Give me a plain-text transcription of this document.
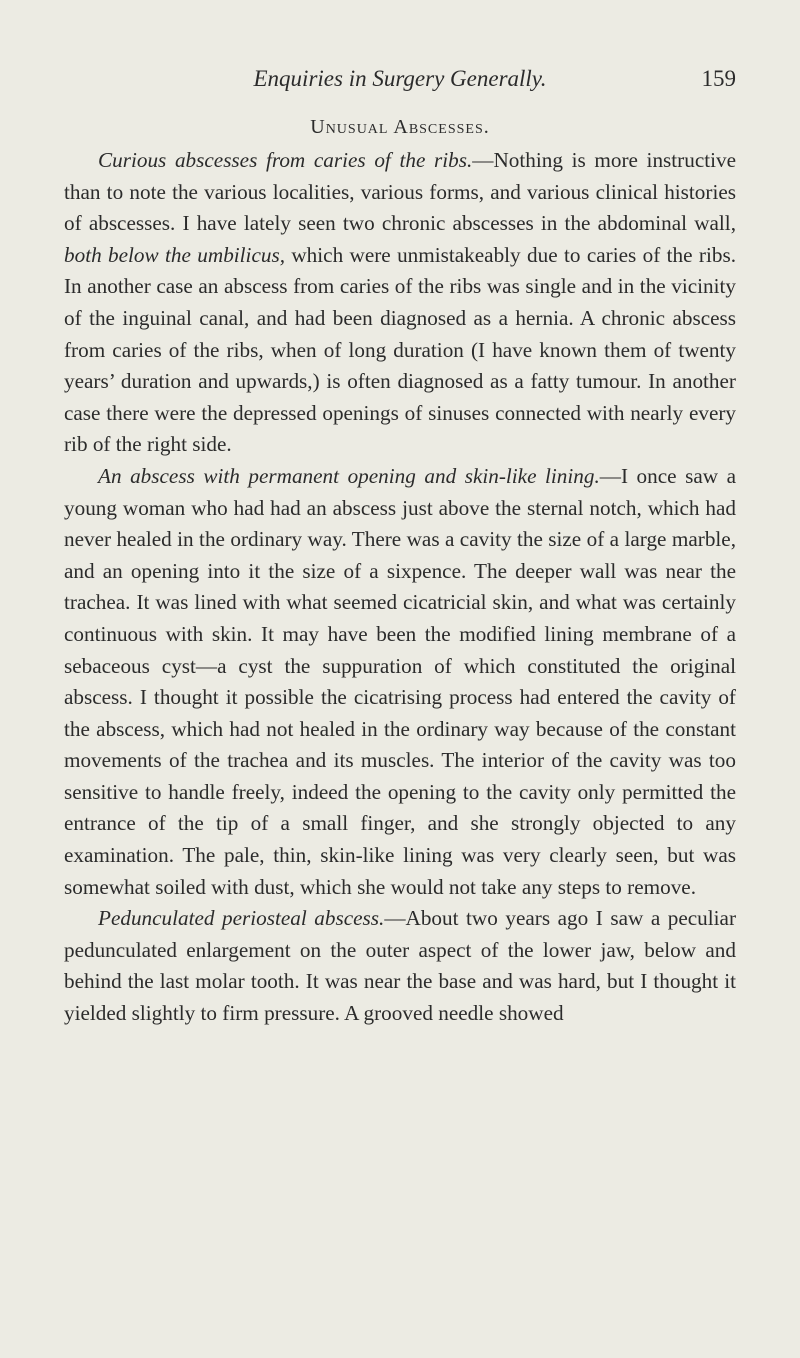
Enquiries in Surgery Generally.	159
Unusual Abscesses.

Curious abscesses from caries of the ribs.—Nothing is more instructive than to note the various localities, various forms, and various clinical histories of abscesses. I have lately seen two chronic abscesses in the abdominal wall, both below the umbilicus, which were unmistakeably due to caries of the ribs. In another case an abscess from caries of the ribs was single and in the vicinity of the inguinal canal, and had been diagnosed as a hernia. A chronic abscess from caries of the ribs, when of long duration (I have known them of twenty years’ duration and upwards,) is often diagnosed as a fatty tumour. In another case there were the depressed openings of sinuses connected with nearly every rib of the right side.

An abscess with permanent opening and skin-like lining.—I once saw a young woman who had had an abscess just above the sternal notch, which had never healed in the ordinary way. There was a cavity the size of a large marble, and an opening into it the size of a sixpence. The deeper wall was near the trachea. It was lined with what seemed cicatricial skin, and what was certainly continuous with skin. It may have been the modified lining membrane of a sebaceous cyst—a cyst the suppuration of which constituted the original abscess. I thought it possible the cicatrising process had entered the cavity of the abscess, which had not healed in the ordinary way because of the constant movements of the trachea and its muscles. The interior of the cavity was too sensitive to handle freely, indeed the opening to the cavity only permitted the entrance of the tip of a small finger, and she strongly objected to any examination. The pale, thin, skin-like lining was very clearly seen, but was somewhat soiled with dust, which she would not take any steps to remove.

Pedunculated periosteal abscess.—About two years ago I saw a peculiar pedunculated enlargement on the outer aspect of the lower jaw, below and behind the last molar tooth. It was near the base and was hard, but I thought it yielded slightly to firm pressure. A grooved needle showed
